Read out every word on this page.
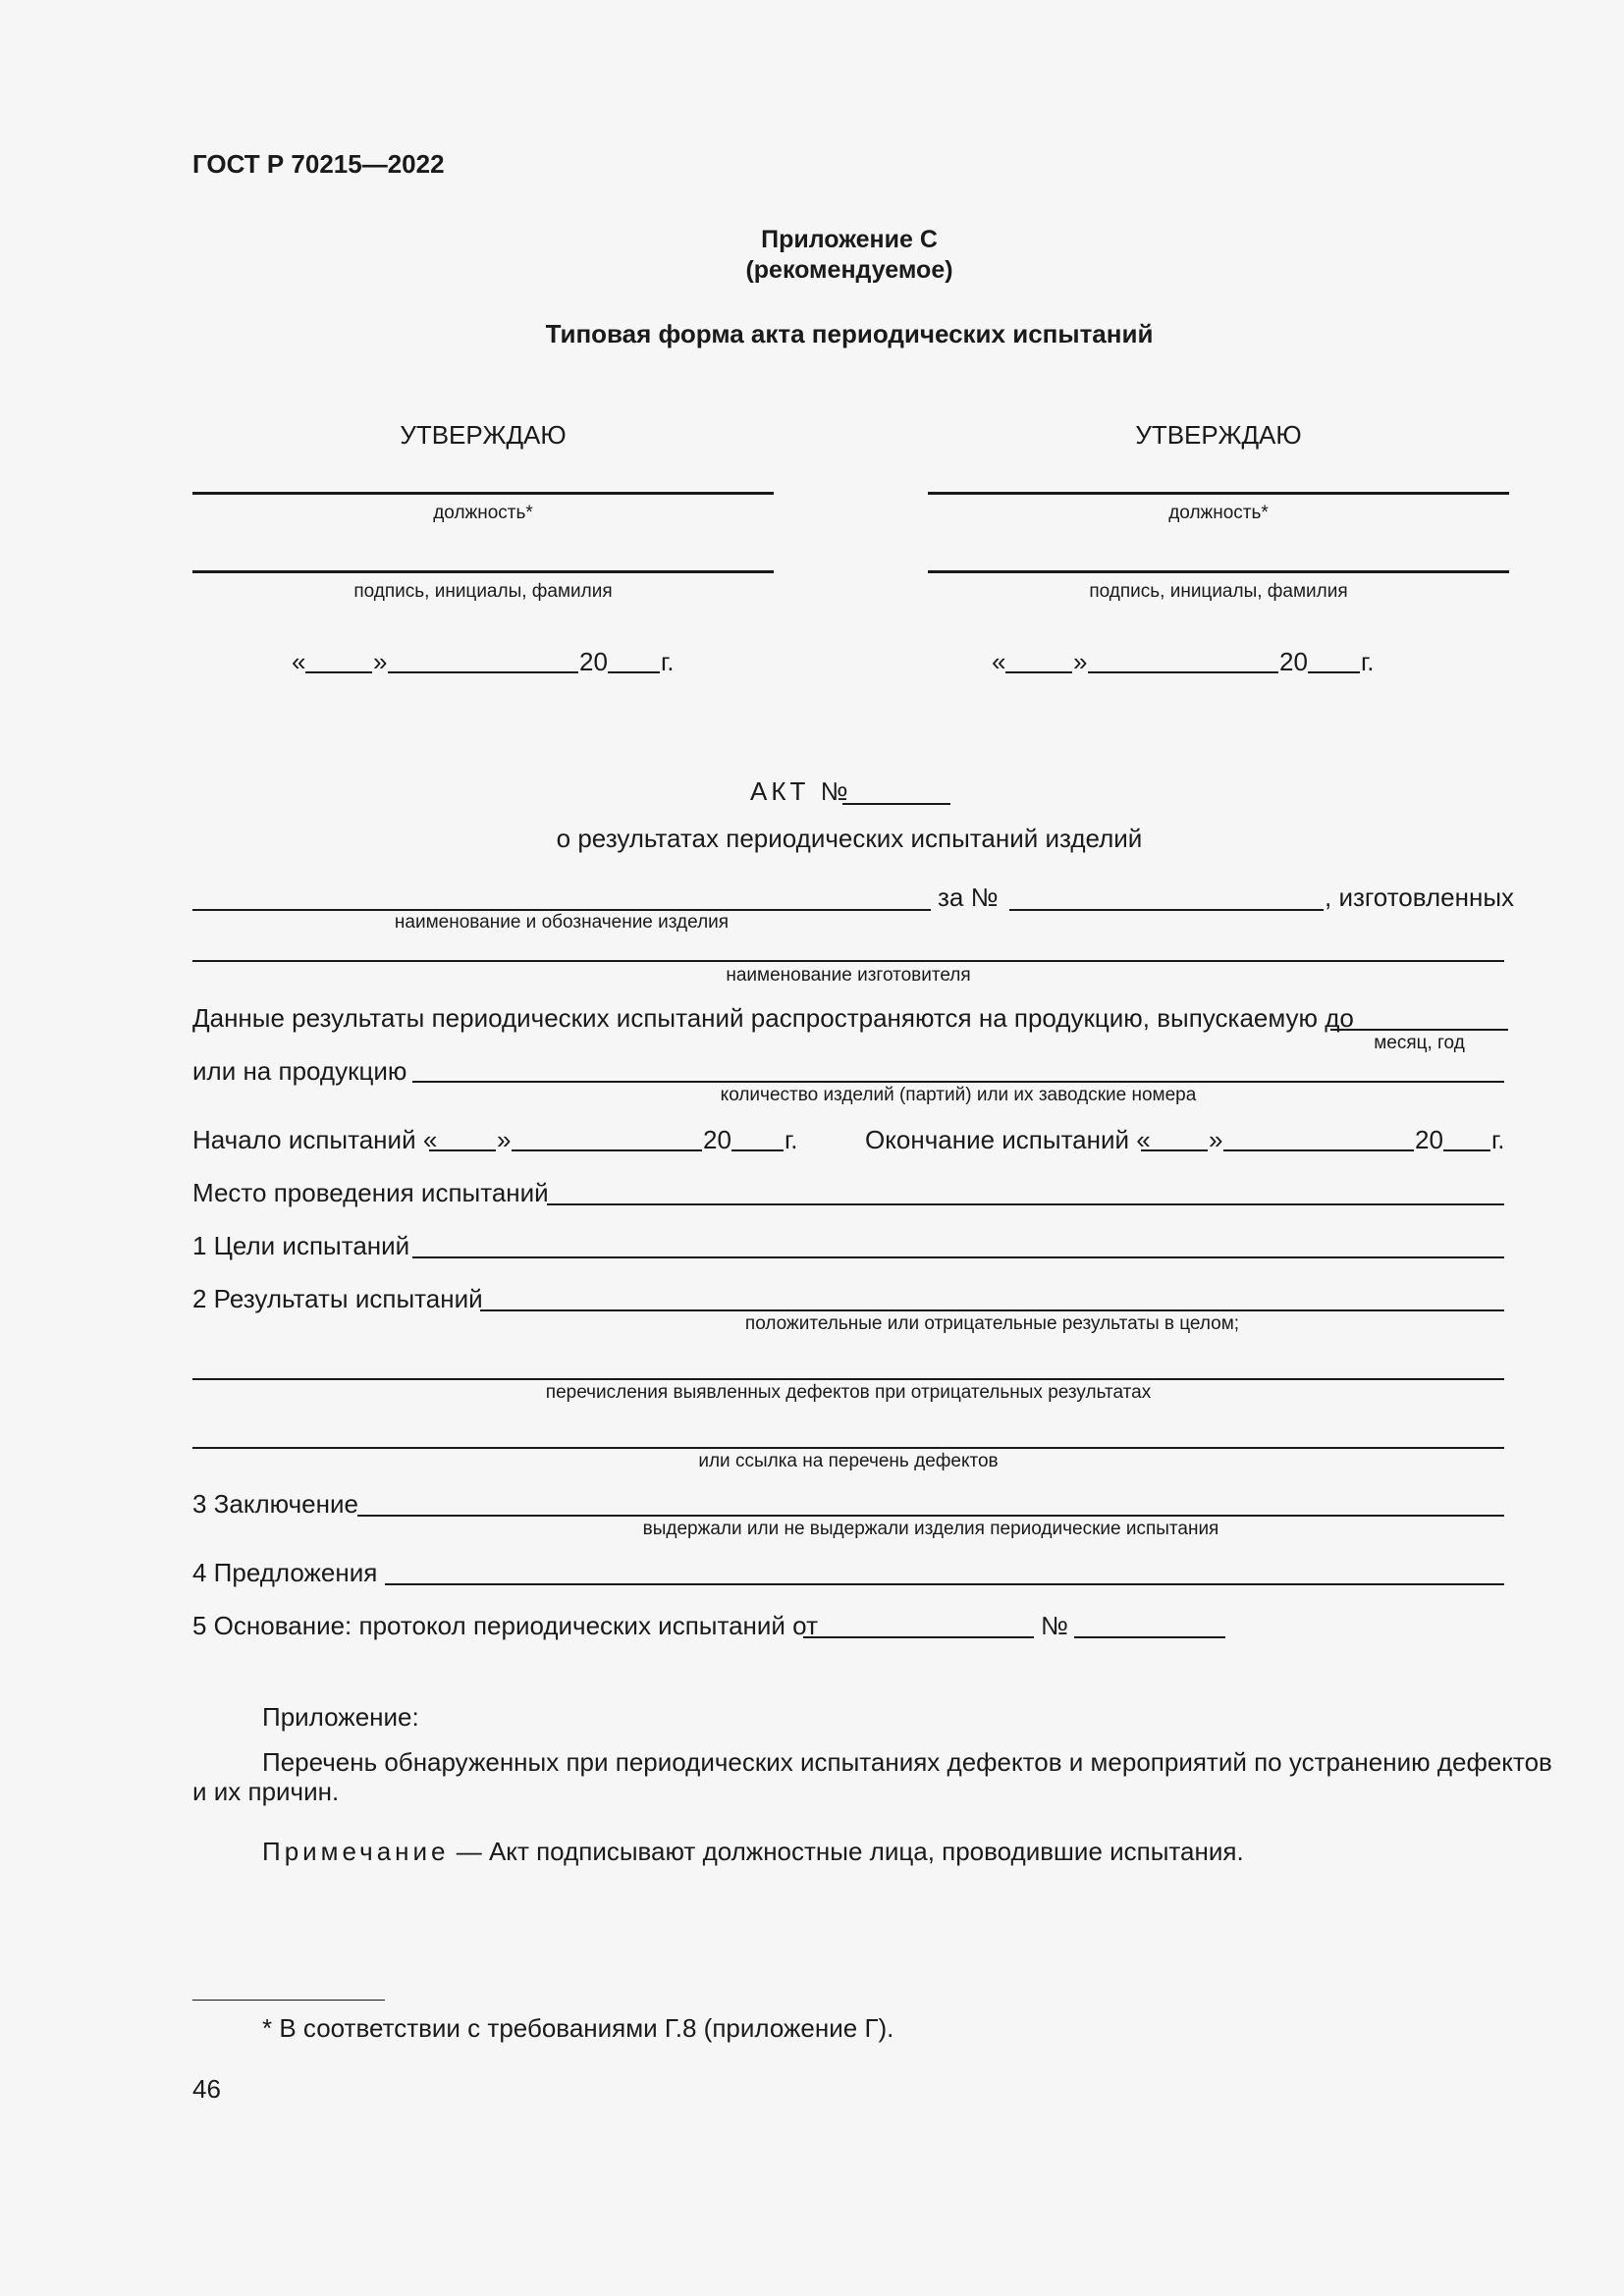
ГОСТ Р 70215—2022
Приложение С
(рекомендуемое)
Типовая форма акта периодических испытаний
УТВЕРЖДАЮ
должность*
подпись, инициалы, фамилия
«	»	20 г.
УТВЕРЖДАЮ
должность*
подпись, инициалы, фамилия
«	»	20 г.
АКТ №
о результатах периодических испытаний изделий
за №	, изготовленных
наименование и обозначение изделия
наименование изготовителя
Данные результаты периодических испытаний распространяются на продукцию, выпускаемую до
месяц, год
или на продукцию
количество изделий (партий) или их заводские номера
Начало испытаний « »	20 г.	Окончание испытаний « »	20 г.
Место проведения испытаний
1 Цели испытаний
2 Результаты испытаний
положительные или отрицательные результаты в целом;
перечисления выявленных дефектов при отрицательных результатах
или ссылка на перечень дефектов
3 Заключение
выдержали или не выдержали изделия периодические испытания
4 Предложения
5 Основание: протокол периодических испытаний от	№
Приложение:
Перечень обнаруженных при периодических испытаниях дефектов и мероприятий по устранению дефектов
и их причин.
Примечание — Акт подписывают должностные лица, проводившие испытания.
* В соответствии с требованиями Г.8 (приложение Г).
46
